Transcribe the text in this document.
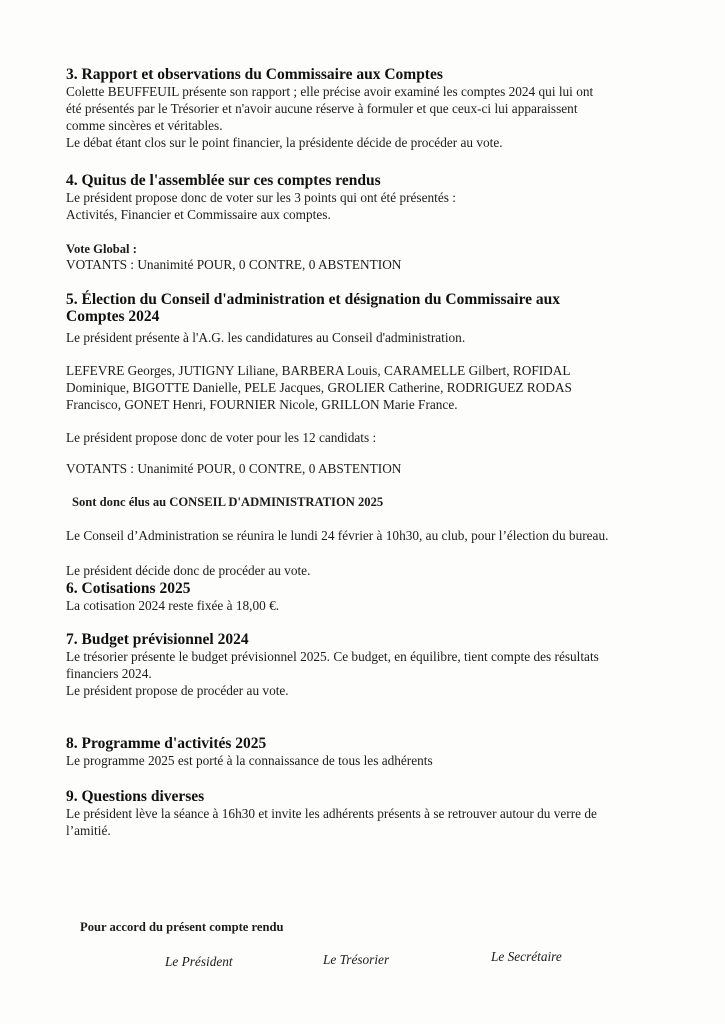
3. Rapport et observations du Commissaire aux Comptes
Colette BEUFFEUIL présente son rapport ; elle précise avoir examiné les comptes 2024 qui lui ont
été présentés par le Trésorier et n'avoir aucune réserve à formuler et que ceux-ci lui apparaissent
comme sincères et véritables.
Le débat étant clos sur le point financier, la présidente décide de procéder au vote.
4. Quitus de l'assemblée sur ces comptes rendus
Le président propose donc de voter sur les 3 points qui ont été présentés :
Activités, Financier et Commissaire aux comptes.
Vote Global :
VOTANTS : Unanimité POUR, 0 CONTRE, 0 ABSTENTION
5. Élection du Conseil d'administration et désignation du Commissaire aux
Comptes 2024
Le président présente à l'A.G. les candidatures au Conseil d'administration.
LEFEVRE Georges, JUTIGNY Liliane, BARBERA Louis, CARAMELLE Gilbert, ROFIDAL
Dominique, BIGOTTE Danielle, PELE Jacques, GROLIER Catherine, RODRIGUEZ RODAS
Francisco, GONET Henri, FOURNIER Nicole, GRILLON Marie France.
Le président propose donc de voter pour les 12 candidats :
VOTANTS : Unanimité POUR, 0 CONTRE, 0 ABSTENTION
Sont donc élus au CONSEIL D'ADMINISTRATION 2025
Le Conseil d’Administration se réunira le lundi 24 février à 10h30, au club, pour l’élection du bureau.
Le président décide donc de procéder au vote.
6. Cotisations 2025
La cotisation 2024 reste fixée à 18,00 €.
7. Budget prévisionnel 2024
Le trésorier présente le budget prévisionnel 2025. Ce budget, en équilibre, tient compte des résultats
financiers 2024.
Le président propose de procéder au vote.
8. Programme d'activités 2025
Le programme 2025 est porté à la connaissance de tous les adhérents
9. Questions diverses
Le président lève la séance à 16h30 et invite les adhérents présents à se retrouver autour du verre de
l’amitié.
Pour accord du présent compte rendu
Le Président	Le Trésorier	Le Secrétaire
